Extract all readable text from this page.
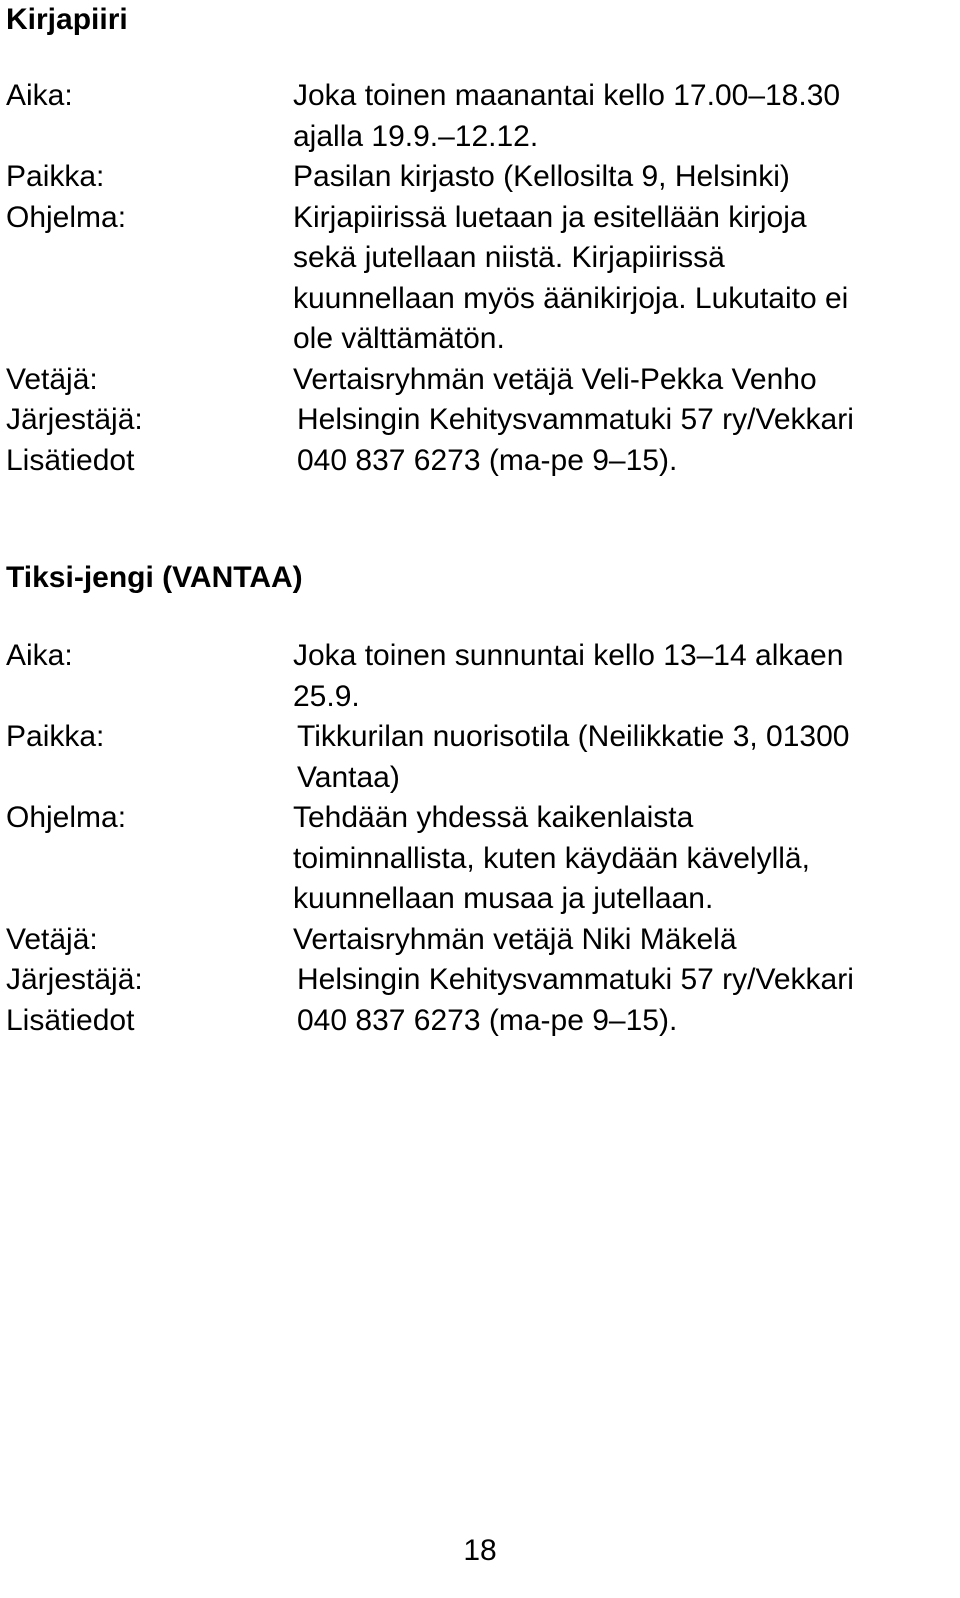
Kirjapiiri
Aika:	Joka toinen maanantai kello 17.00–18.30
ajalla 19.9.–12.12.
Paikka:	Pasilan kirjasto (Kellosilta 9, Helsinki)
Ohjelma:	Kirjapiirissä luetaan ja esitellään kirjoja
sekä jutellaan niistä. Kirjapiirissä
kuunnellaan myös äänikirjoja. Lukutaito ei
ole välttämätön.
Vetäjä:	Vertaisryhmän vetäjä Veli-Pekka Venho
Järjestäjä:	Helsingin Kehitysvammatuki 57 ry/Vekkari
Lisätiedot	040 837 6273 (ma-pe 9–15).
Tiksi-jengi (VANTAA)
Aika:	Joka toinen sunnuntai kello 13–14 alkaen
25.9.
Paikka:	Tikkurilan nuorisotila (Neilikkatie 3, 01300
Vantaa)
Ohjelma:	Tehdään yhdessä kaikenlaista
toiminnallista, kuten käydään kävelyllä,
kuunnellaan musaa ja jutellaan.
Vetäjä:	Vertaisryhmän vetäjä Niki Mäkelä
Järjestäjä:	Helsingin Kehitysvammatuki 57 ry/Vekkari
Lisätiedot	040 837 6273 (ma-pe 9–15).
18
